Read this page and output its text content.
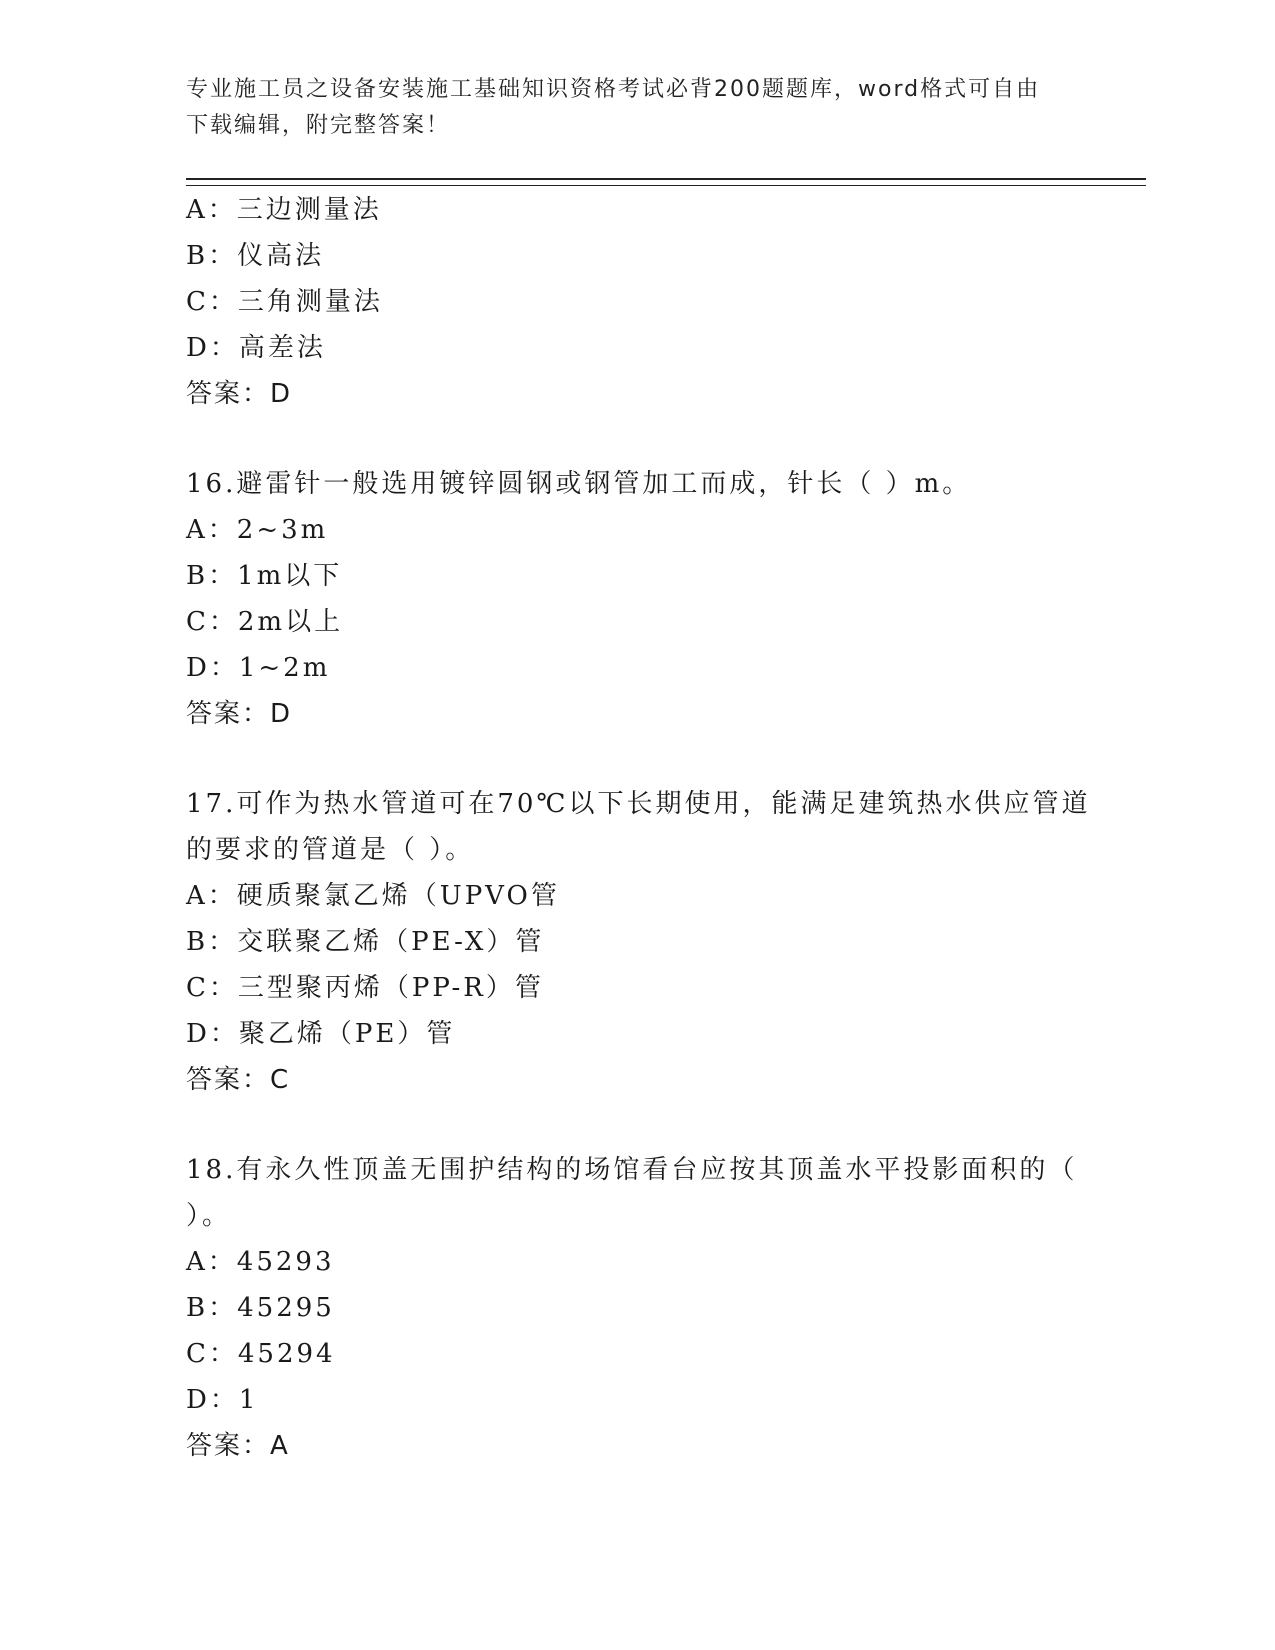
专业施工员之设备安装施工基础知识资格考试必背200题题库，word格式可自由
下载编辑，附完整答案！
A：三边测量法
B：仪高法
C：三角测量法
D：高差法
答案：D
16.避雷针一般选用镀锌圆钢或钢管加工而成，针长（ ）m。
A：2~3m
B：1m以下
C：2m以上
D：1~2m
答案：D
17.可作为热水管道可在70℃以下长期使用，能满足建筑热水供应管道
的要求的管道是（ ）。
A：硬质聚氯乙烯（UPVO管
B：交联聚乙烯（PE-X）管
C：三型聚丙烯（PP-R）管
D：聚乙烯（PE）管
答案：C
18.有永久性顶盖无围护结构的场馆看台应按其顶盖水平投影面积的（
）。
A：45293
B：45295
C：45294
D：1
答案：A
